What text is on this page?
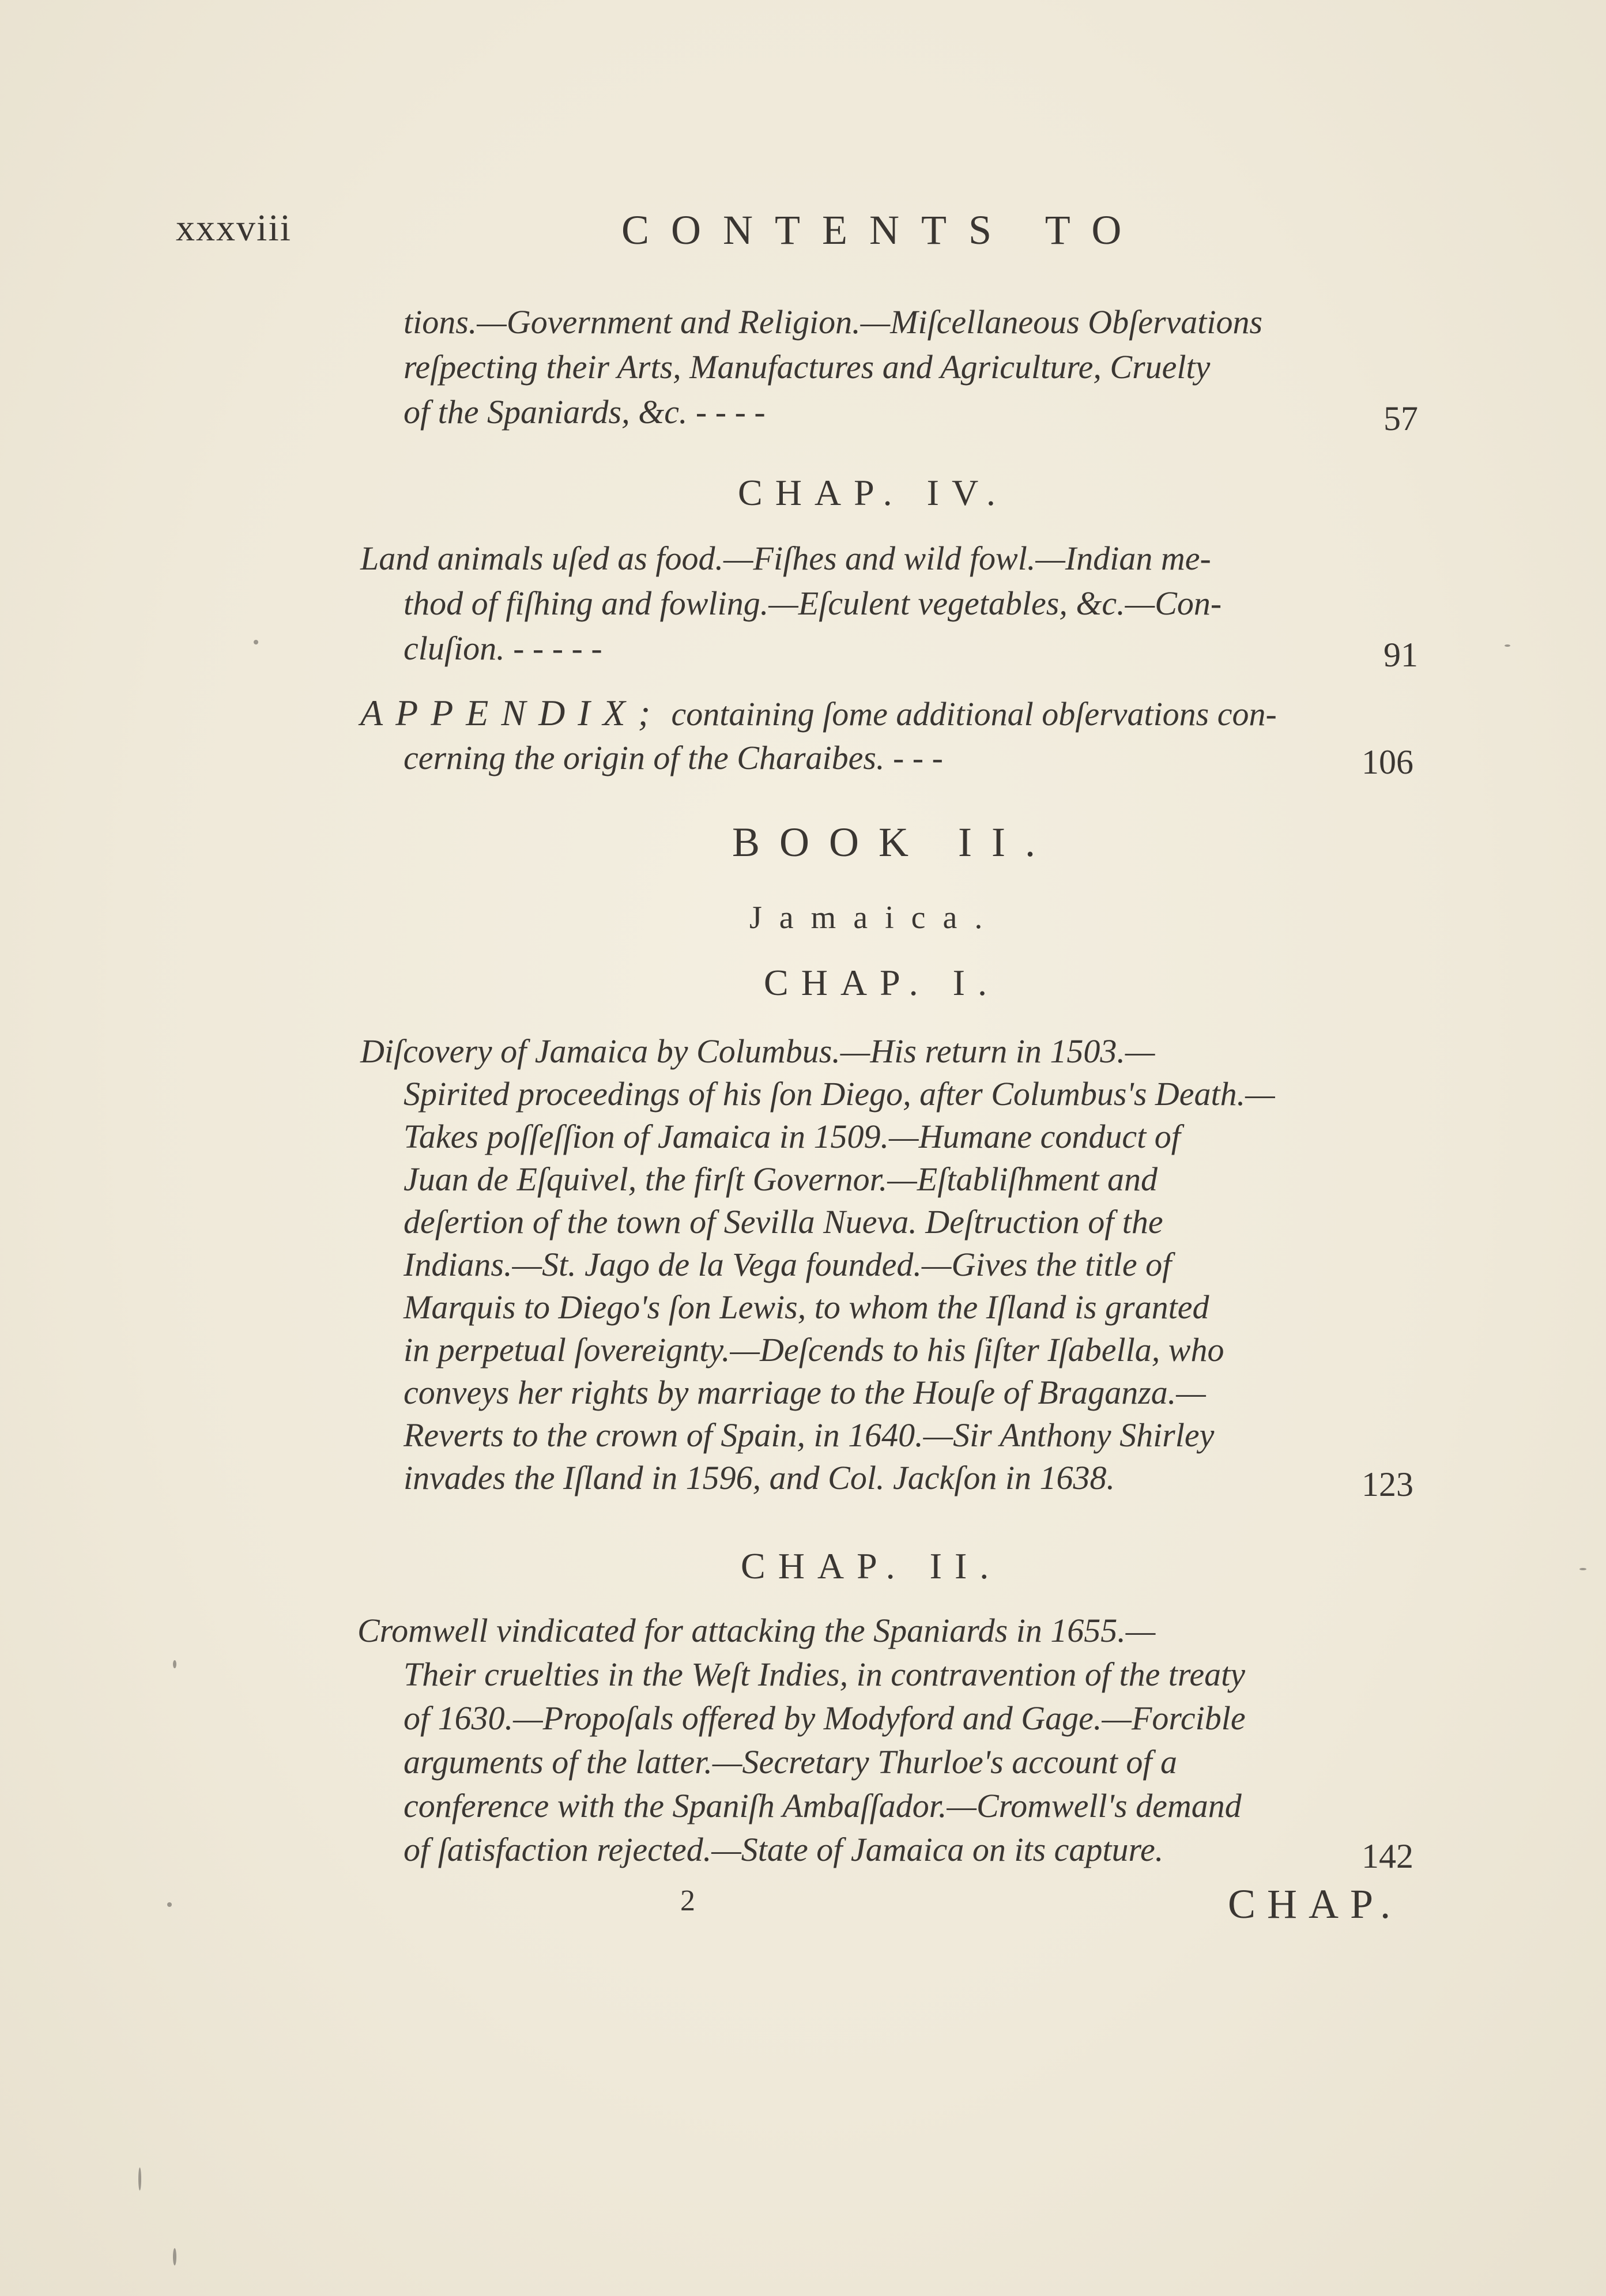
xxxviii	CONTENTS TO
tions.—Government and Religion.—Miſcellaneous Obſervations
reſpecting their Arts, Manufactures and Agriculture, Cruelty
of the Spaniards, &c. - - - -	57
CHAP. IV.
Land animals uſed as food.—Fiſhes and wild fowl.—Indian me-
thod of fiſhing and fowling.—Eſculent vegetables, &c.—Con-
cluſion. - - - - -	91
APPENDIX; containing ſome additional obſervations con-
cerning the origin of the Charaibes. - - -	106
BOOK II.
Jamaica.
CHAP. I.
Diſcovery of Jamaica by Columbus.—His return in 1503.—
Spirited proceedings of his ſon Diego, after Columbus's Death.—
Takes poſſeſſion of Jamaica in 1509.—Humane conduct of
Juan de Eſquivel, the firſt Governor.—Eſtabliſhment and
deſertion of the town of Sevilla Nueva. Deſtruction of the
Indians.—St. Jago de la Vega founded.—Gives the title of
Marquis to Diego's ſon Lewis, to whom the Iſland is granted
in perpetual ſovereignty.—Deſcends to his ſiſter Iſabella, who
conveys her rights by marriage to the Houſe of Braganza.—
Reverts to the crown of Spain, in 1640.—Sir Anthony Shirley
invades the Iſland in 1596, and Col. Jackſon in 1638.	123
CHAP. II.
Cromwell vindicated for attacking the Spaniards in 1655.—
Their cruelties in the Weſt Indies, in contravention of the treaty
of 1630.—Propoſals offered by Modyford and Gage.—Forcible
arguments of the latter.—Secretary Thurloe's account of a
conference with the Spaniſh Ambaſſador.—Cromwell's demand
of ſatisfaction rejected.—State of Jamaica on its capture.	142
2	CHAP.
